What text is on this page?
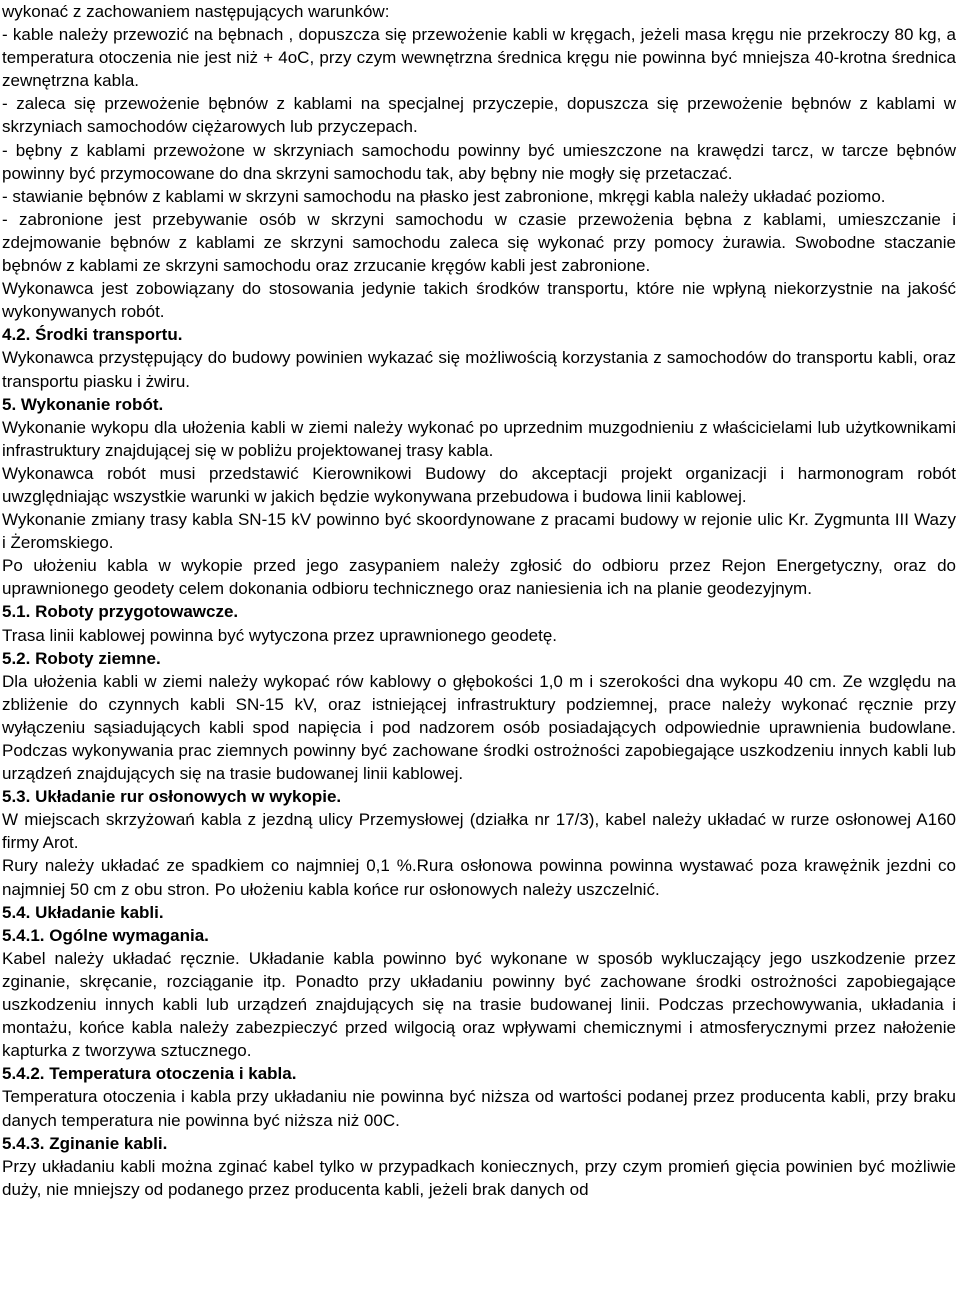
wykonać z zachowaniem następujących warunków:

- kable należy przewozić na bębnach , dopuszcza się przewożenie kabli w kręgach, jeżeli masa kręgu nie przekroczy 80 kg, a temperatura otoczenia nie jest niż + 4oC, przy czym wewnętrzna średnica kręgu nie powinna być mniejsza 40-krotna średnica zewnętrzna kabla.

- zaleca się przewożenie bębnów z kablami na specjalnej przyczepie, dopuszcza się przewożenie bębnów z kablami w skrzyniach samochodów ciężarowych lub przyczepach.

- bębny z kablami przewożone w skrzyniach samochodu powinny być umieszczone na krawędzi tarcz, w tarcze bębnów powinny być przymocowane do dna skrzyni samochodu tak, aby bębny nie mogły się przetaczać.

- stawianie bębnów z kablami w skrzyni samochodu na płasko jest zabronione, mkręgi kabla należy układać poziomo.

- zabronione jest przebywanie osób w skrzyni samochodu w czasie przewożenia bębna z kablami, umieszczanie i zdejmowanie bębnów z kablami ze skrzyni samochodu zaleca się wykonać przy pomocy żurawia. Swobodne staczanie bębnów z kablami ze skrzyni samochodu oraz zrzucanie kręgów kabli jest zabronione.

Wykonawca jest zobowiązany do stosowania jedynie takich środków transportu, które nie wpłyną niekorzystnie na jakość wykonywanych robót.

4.2. Środki transportu.

Wykonawca przystępujący do budowy powinien wykazać się możliwością korzystania z samochodów do transportu kabli, oraz transportu piasku i żwiru.

5. Wykonanie robót.

Wykonanie wykopu dla ułożenia kabli w ziemi należy wykonać po uprzednim muzgodnieniu z właścicielami lub użytkownikami infrastruktury znajdującej się w pobliżu projektowanej trasy kabla.

Wykonawca robót musi przedstawić Kierownikowi Budowy do akceptacji projekt organizacji i harmonogram robót uwzględniając wszystkie warunki w jakich będzie wykonywana przebudowa i budowa linii kablowej.

Wykonanie zmiany trasy kabla SN-15 kV powinno być skoordynowane z pracami budowy w rejonie ulic Kr. Zygmunta III Wazy i Żeromskiego.

Po ułożeniu kabla w wykopie przed jego zasypaniem należy zgłosić do odbioru przez Rejon Energetyczny, oraz do uprawnionego geodety celem dokonania odbioru technicznego oraz naniesienia ich na planie geodezyjnym.

5.1. Roboty przygotowawcze.

Trasa linii kablowej powinna być wytyczona przez uprawnionego geodetę.

5.2. Roboty ziemne.

Dla ułożenia kabli w ziemi należy wykopać rów kablowy o głębokości 1,0 m i szerokości dna wykopu 40 cm. Ze względu na zbliżenie do czynnych kabli SN-15 kV, oraz istniejącej infrastruktury podziemnej, prace należy wykonać ręcznie przy wyłączeniu sąsiadujących kabli spod napięcia i pod nadzorem osób posiadających odpowiednie uprawnienia budowlane. Podczas wykonywania prac ziemnych powinny być zachowane środki ostrożności zapobiegające uszkodzeniu innych kabli lub urządzeń znajdujących się na trasie budowanej linii kablowej.

5.3. Układanie rur osłonowych w wykopie.

W miejscach skrzyżowań kabla z jezdną ulicy Przemysłowej (działka nr 17/3), kabel należy układać w rurze osłonowej A160 firmy Arot.

Rury należy układać ze spadkiem co najmniej 0,1 %.Rura osłonowa powinna powinna wystawać poza krawężnik jezdni co najmniej 50 cm z obu stron. Po ułożeniu kabla końce rur osłonowych należy uszczelnić.

5.4. Układanie kabli.

5.4.1. Ogólne wymagania.

Kabel należy układać ręcznie. Układanie kabla powinno być wykonane w sposób wykluczający jego uszkodzenie przez zginanie, skręcanie, rozciąganie itp. Ponadto przy układaniu powinny być zachowane środki ostrożności zapobiegające uszkodzeniu innych kabli lub urządzeń znajdujących się na trasie budowanej linii. Podczas przechowywania, układania i montażu, końce kabla należy zabezpieczyć przed wilgocią oraz wpływami chemicznymi i atmosferycznymi przez nałożenie kapturka z tworzywa sztucznego.

5.4.2. Temperatura otoczenia i kabla.

Temperatura otoczenia i kabla przy układaniu nie powinna być niższa od wartości podanej przez producenta kabli, przy braku danych temperatura nie powinna być niższa niż 00C.

5.4.3. Zginanie kabli.

Przy układaniu kabli można zginać kabel tylko w przypadkach koniecznych, przy czym promień gięcia powinien być możliwie duży, nie mniejszy od podanego przez producenta kabli, jeżeli brak danych od
